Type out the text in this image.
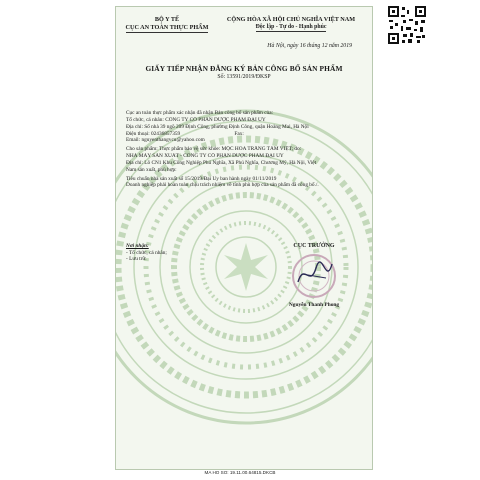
BỘ Y TẾ
CỤC AN TOÀN THỰC PHẨM
CỘNG HÒA XÃ HỘI CHỦ NGHĨA VIỆT NAM
Độc lập - Tự do - Hạnh phúc
Hà Nội, ngày 16 tháng 12 năm 2019
GIẤY TIẾP NHẬN ĐĂNG KÝ BẢN CÔNG BỐ SẢN PHẨM
Số: 13591/2019/ĐKSP
Cục an toàn thực phẩm xác nhận đã nhận Bản công bố sản phẩm của:
Tổ chức, cá nhân: CÔNG TY CỔ PHẦN DƯỢC PHẨM ĐẠI UY
Địa chỉ: Số nhà 39 ngõ 209 Định Công, phường Định Công, quận Hoàng Mai, Hà Nội
Điện thoại: 02436857359                                         Fax:
Email: nguyenthangvcu@yahoo.com
Cho sản phẩm: Thực phẩm bảo vệ sức khỏe: MỘC HOA TRẮNG TÂM VIỆT; do:
NHÀ MÁY SẢN XUẤT - CÔNG TY CỔ PHẦN DƯỢC PHẨM ĐẠI UY
Địa chỉ: Lô CN1 Khu Công Nghiệp Phú Nghĩa, Xã Phú Nghĩa, Chương Mỹ, Hà Nội, Việt
Nam sản xuất, phù hợp:
Tiêu chuẩn nhà sản xuất số 15/2019/Đại Uy ban hành ngày 01/11/2019
Doanh nghiệp phải hoàn toàn chịu trách nhiệm về tính phù hợp của sản phẩm đã công bố./.
Nơi nhận:
- Tổ chức, cá nhân;
- Lưu trữ.
CỤC TRƯỞNG
Nguyễn Thanh Phong
MA HO SO: 19.11.00.64815.DKCB
